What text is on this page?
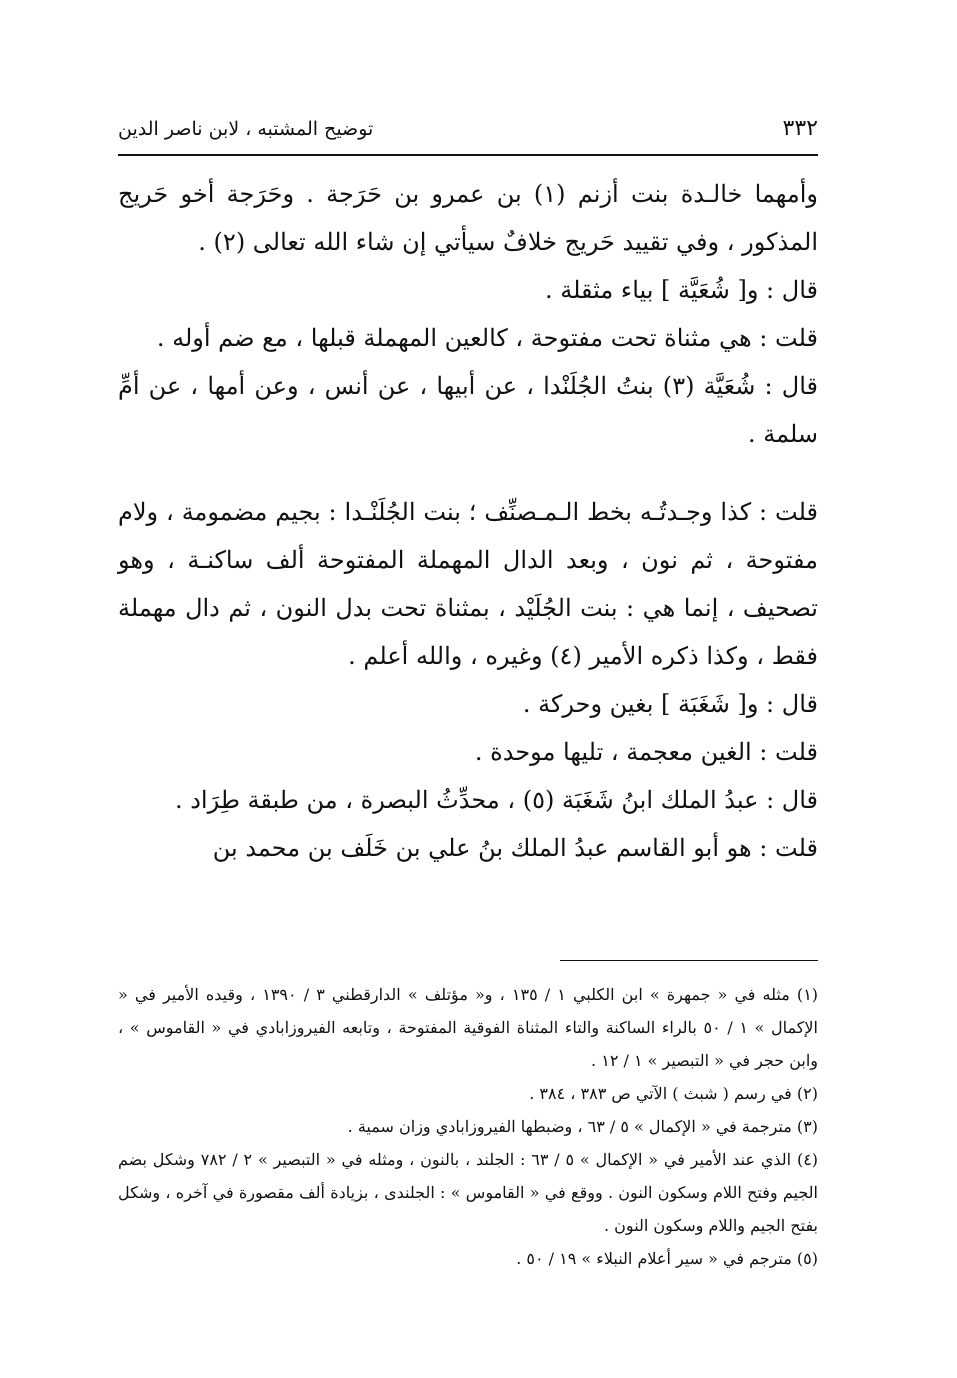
٣٣٢
توضيح المشتبه ، لابن ناصر الدين

وأمهما خالـدة بنت أزنم (١) بن عمرو بن حَرَجة . وحَرَجة أخو حَريج المذكور ، وفي تقييد حَريج خلافٌ سيأتي إن شاء الله تعالى (٢) .

قال : و[ شُعَيَّة ] بياء مثقلة .

قلت : هي مثناة تحت مفتوحة ، كالعين المهملة قبلها ، مع ضم أوله .

قال : شُعَيَّة (٣) بنتُ الجُلَنْدا ، عن أبيها ، عن أنس ، وعن أمها ، عن أمِّ سلمة .

قلت : كذا وجـدتُـه بخط الـمـصنِّف ؛ بنت الجُلَنْـدا : بجيم مضمومة ، ولام مفتوحة ، ثم نون ، وبعد الدال المهملة المفتوحة ألف ساكنـة ، وهو تصحيف ، إنما هي : بنت الجُلَيْد ، بمثناة تحت بدل النون ، ثم دال مهملة فقط ، وكذا ذكره الأمير (٤) وغيره ، والله أعلم .

قال : و[ شَغَبَة ] بغين وحركة .

قلت : الغين معجمة ، تليها موحدة .

قال : عبدُ الملك ابنُ شَغَبَة (٥) ، محدِّثُ البصرة ، من طبقة طِرَاد .

قلت : هو أبو القاسم عبدُ الملك بنُ علي بن خَلَف بن محمد بن

(١) مثله في « جمهرة » ابن الكلبي ١ / ١٣٥ ، و« مؤتلف » الدارقطني ٣ / ١٣٩٠ ، وقيده الأمير في « الإكمال » ١ / ٥٠ بالراء الساكنة والتاء المثناة الفوقية المفتوحة ، وتابعه الفيروزابادي في « القاموس » ، وابن حجر في « التبصير » ١ / ١٢ .

(٢) في رسم ( شبث ) الآتي ص ٣٨٣ ، ٣٨٤ .

(٣) مترجمة في « الإكمال » ٥ / ٦٣ ، وضبطها الفيروزابادي وزان سمية .

(٤) الذي عند الأمير في « الإكمال » ٥ / ٦٣ : الجلند ، بالنون ، ومثله في « التبصير » ٢ / ٧٨٢ وشكل بضم الجيم وفتح اللام وسكون النون . ووقع في « القاموس » : الجلندى ، بزيادة ألف مقصورة في آخره ، وشكل بفتح الجيم واللام وسكون النون .

(٥) مترجم في « سير أعلام النبلاء » ١٩ / ٥٠ .
